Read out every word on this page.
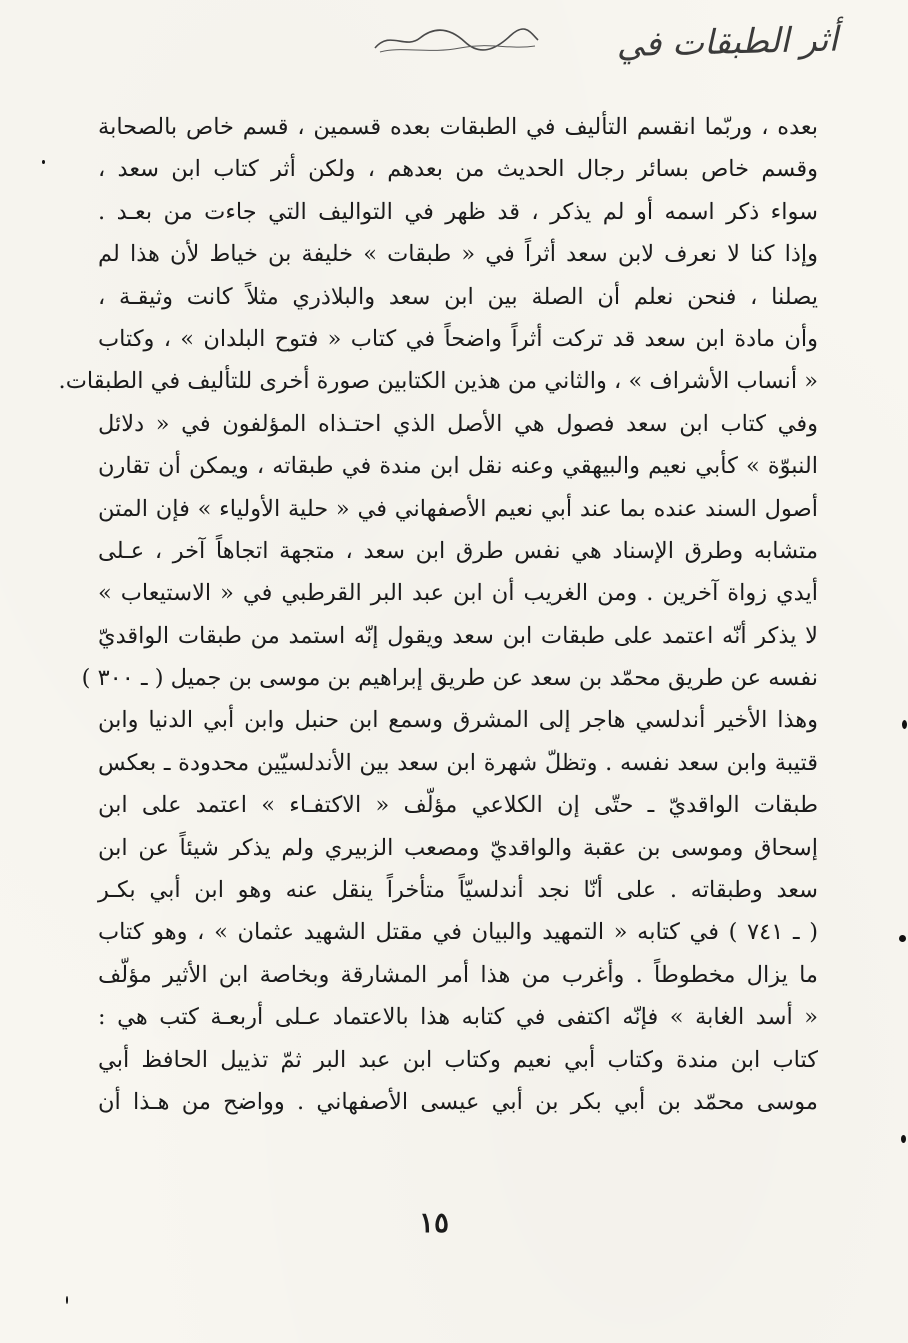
أثر الطبقات في
بعده ، وربّما انقسم التأليف في الطبقات بعده قسمين ، قسم خاص بالصحابة
وقسم خاص بسائر رجال الحديث من بعدهم ، ولكن أثر كتاب ابن سعد ،
سواء ذكر اسمه أو لم يذكر ، قد ظهر في التواليف التي جاءت من بعـد .
وإذا كنا لا نعرف لابن سعد أثراً في « طبقات » خليفة بن خياط لأن هذا لم
يصلنا ، فنحن نعلم أن الصلة بين ابن سعد والبلاذري مثلاً كانت وثيقـة ،
وأن مادة ابن سعد قد تركت أثراً واضحاً في كتاب « فتوح البلدان » ، وكتاب
« أنساب الأشراف » ، والثاني من هذين الكتابين صورة أخرى للتأليف في الطبقات.
وفي كتاب ابن سعد فصول هي الأصل الذي احتـذاه المؤلفون في « دلائل
النبوّة » كأبي نعيم والبيهقي وعنه نقل ابن مندة في طبقاته ، ويمكن أن تقارن
أصول السند عنده بما عند أبي نعيم الأصفهاني في « حلية الأولياء » فإن المتن
متشابه وطرق الإسناد هي نفس طرق ابن سعد ، متجهة اتجاهاً آخر ، عـلى
أيدي زواة آخرين . ومن الغريب أن ابن عبد البر القرطبي في « الاستيعاب »
لا يذكر أنّه اعتمد على طبقات ابن سعد ويقول إنّه استمد من طبقات الواقديّ
نفسه عن طريق محمّد بن سعد عن طريق إبراهيم بن موسى بن جميل ( ـ ٣٠٠ )
وهذا الأخير أندلسي هاجر إلى المشرق وسمع ابن حنبل وابن أبي الدنيا وابن
قتيبة وابن سعد نفسه . وتظلّ شهرة ابن سعد بين الأندلسيّين محدودة ـ بعكس
طبقات الواقديّ ـ حتّى إن الكلاعي مؤلّف « الاكتفـاء » اعتمد على ابن
إسحاق وموسى بن عقبة والواقديّ ومصعب الزبيري ولم يذكر شيئاً عن ابن
سعد وطبقاته . على أنّا نجد أندلسيّاً متأخراً ينقل عنه وهو ابن أبي بكـر
( ـ ٧٤١ ) في كتابه « التمهيد والبيان في مقتل الشهيد عثمان » ، وهو كتاب
ما يزال مخطوطاً . وأغرب من هذا أمر المشارقة وبخاصة ابن الأثير مؤلّف
« أسد الغابة » فإنّه اكتفى في كتابه هذا بالاعتماد عـلى أربعـة كتب هي :
كتاب ابن مندة وكتاب أبي نعيم وكتاب ابن عبد البر ثمّ تذييل الحافظ أبي
موسى محمّد بن أبي بكر بن أبي عيسى الأصفهاني . وواضح من هـذا أن
١٥
